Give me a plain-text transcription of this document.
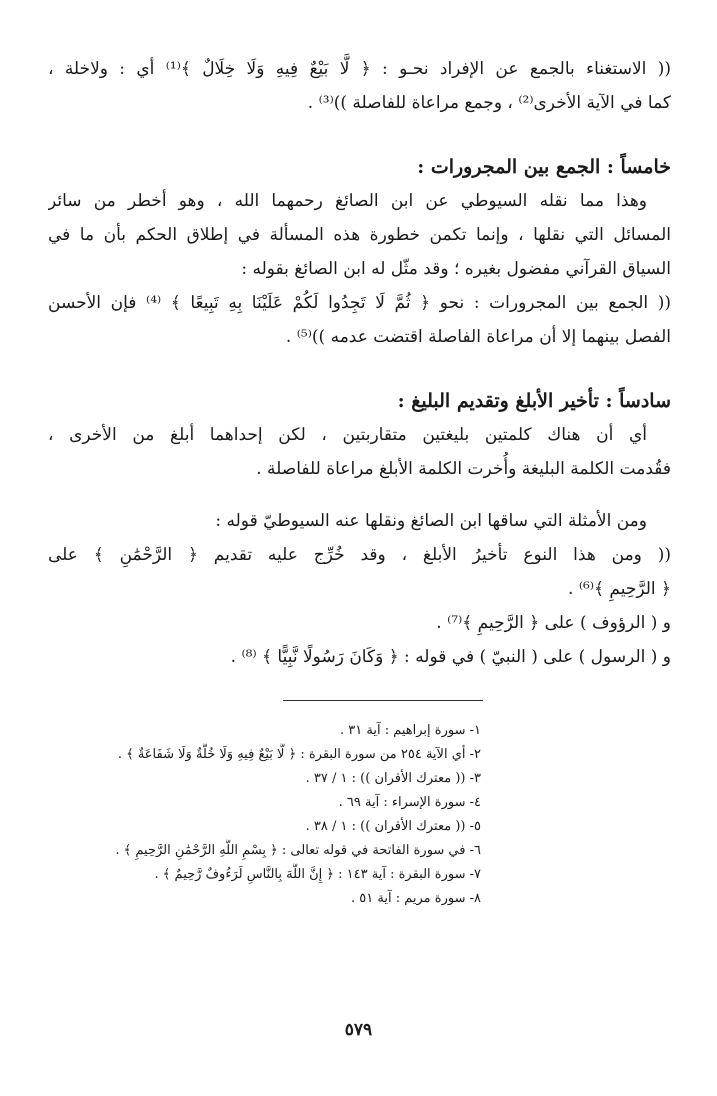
(( الاستغناء بالجمع عن الإفراد نحـو : ﴿ لَّا بَيْعٌ فِيهِ وَلَا خِلَالٌ ﴾⁽¹⁾ أي : ولاخلة ،
كما في الآية الأخرى⁽²⁾ ، وجمع مراعاة للفاصلة ))⁽³⁾ .
خامساً : الجمع بين المجرورات :
وهذا مما نقله السيوطي عن ابن الصائغ رحمهما الله ، وهو أخطر من سائر
المسائل التي نقلها ، وإنما تكمن خطورة هذه المسألة في إطلاق الحكم بأن ما في
السياق القرآني مفضول بغيره ؛ وقد مثّل له ابن الصائغ بقوله :
(( الجمع بين المجرورات : نحو ﴿ ثُمَّ لَا تَجِدُوا لَكُمْ عَلَيْنَا بِهِ تَبِيعًا ﴾ ⁽⁴⁾ فإن الأحسن
الفصل بينهما إلا أن مراعاة الفاصلة اقتضت عدمه ))⁽⁵⁾ .
سادساً : تأخير الأبلغ وتقديم البليغ :
أي أن هناك كلمتين بليغتين متقاربتين ، لكن إحداهما أبلغ من الأخرى ،
فقُدمت الكلمة البليغة وأُخرت الكلمة الأبلغ مراعاة للفاصلة .
ومن الأمثلة التي ساقها ابن الصائغ ونقلها عنه السيوطيّ قوله :
(( ومن هذا النوع تأخيرُ الأبلغ ، وقد خُرِّج عليه تقديم ﴿ الرَّحْمَٰنِ ﴾ على
﴿ الرَّحِيمِ ﴾⁽⁶⁾ .
و ( الرؤوف ) على ﴿ الرَّحِيمِ ﴾⁽⁷⁾ .
و ( الرسول ) على ( النبيّ ) في قوله : ﴿ وَكَانَ رَسُولًا نَّبِيًّا ﴾ ⁽⁸⁾ .
١- سورة إبراهيم : آية ٣١ .
٢- أي الآية ٢٥٤ من سورة البقرة : ﴿ لَّا بَيْعٌ فِيهِ وَلَا خُلَّةٌ وَلَا شَفَاعَةٌ ﴾ .
٣- (( معترك الأقران )) : ١ / ٣٧ .
٤- سورة الإسراء : آية ٦٩ .
٥- (( معترك الأقران )) : ١ / ٣٨ .
٦- في سورة الفاتحة في قوله تعالى : ﴿ بِسْمِ اللَّهِ الرَّحْمَٰنِ الرَّحِيمِ ﴾ .
٧- سورة البقرة : آية ١٤٣ : ﴿ إِنَّ اللَّهَ بِالنَّاسِ لَرَءُوفٌ رَّحِيمٌ ﴾ .
٨- سورة مريم : آية ٥١ .
٥٧٩
